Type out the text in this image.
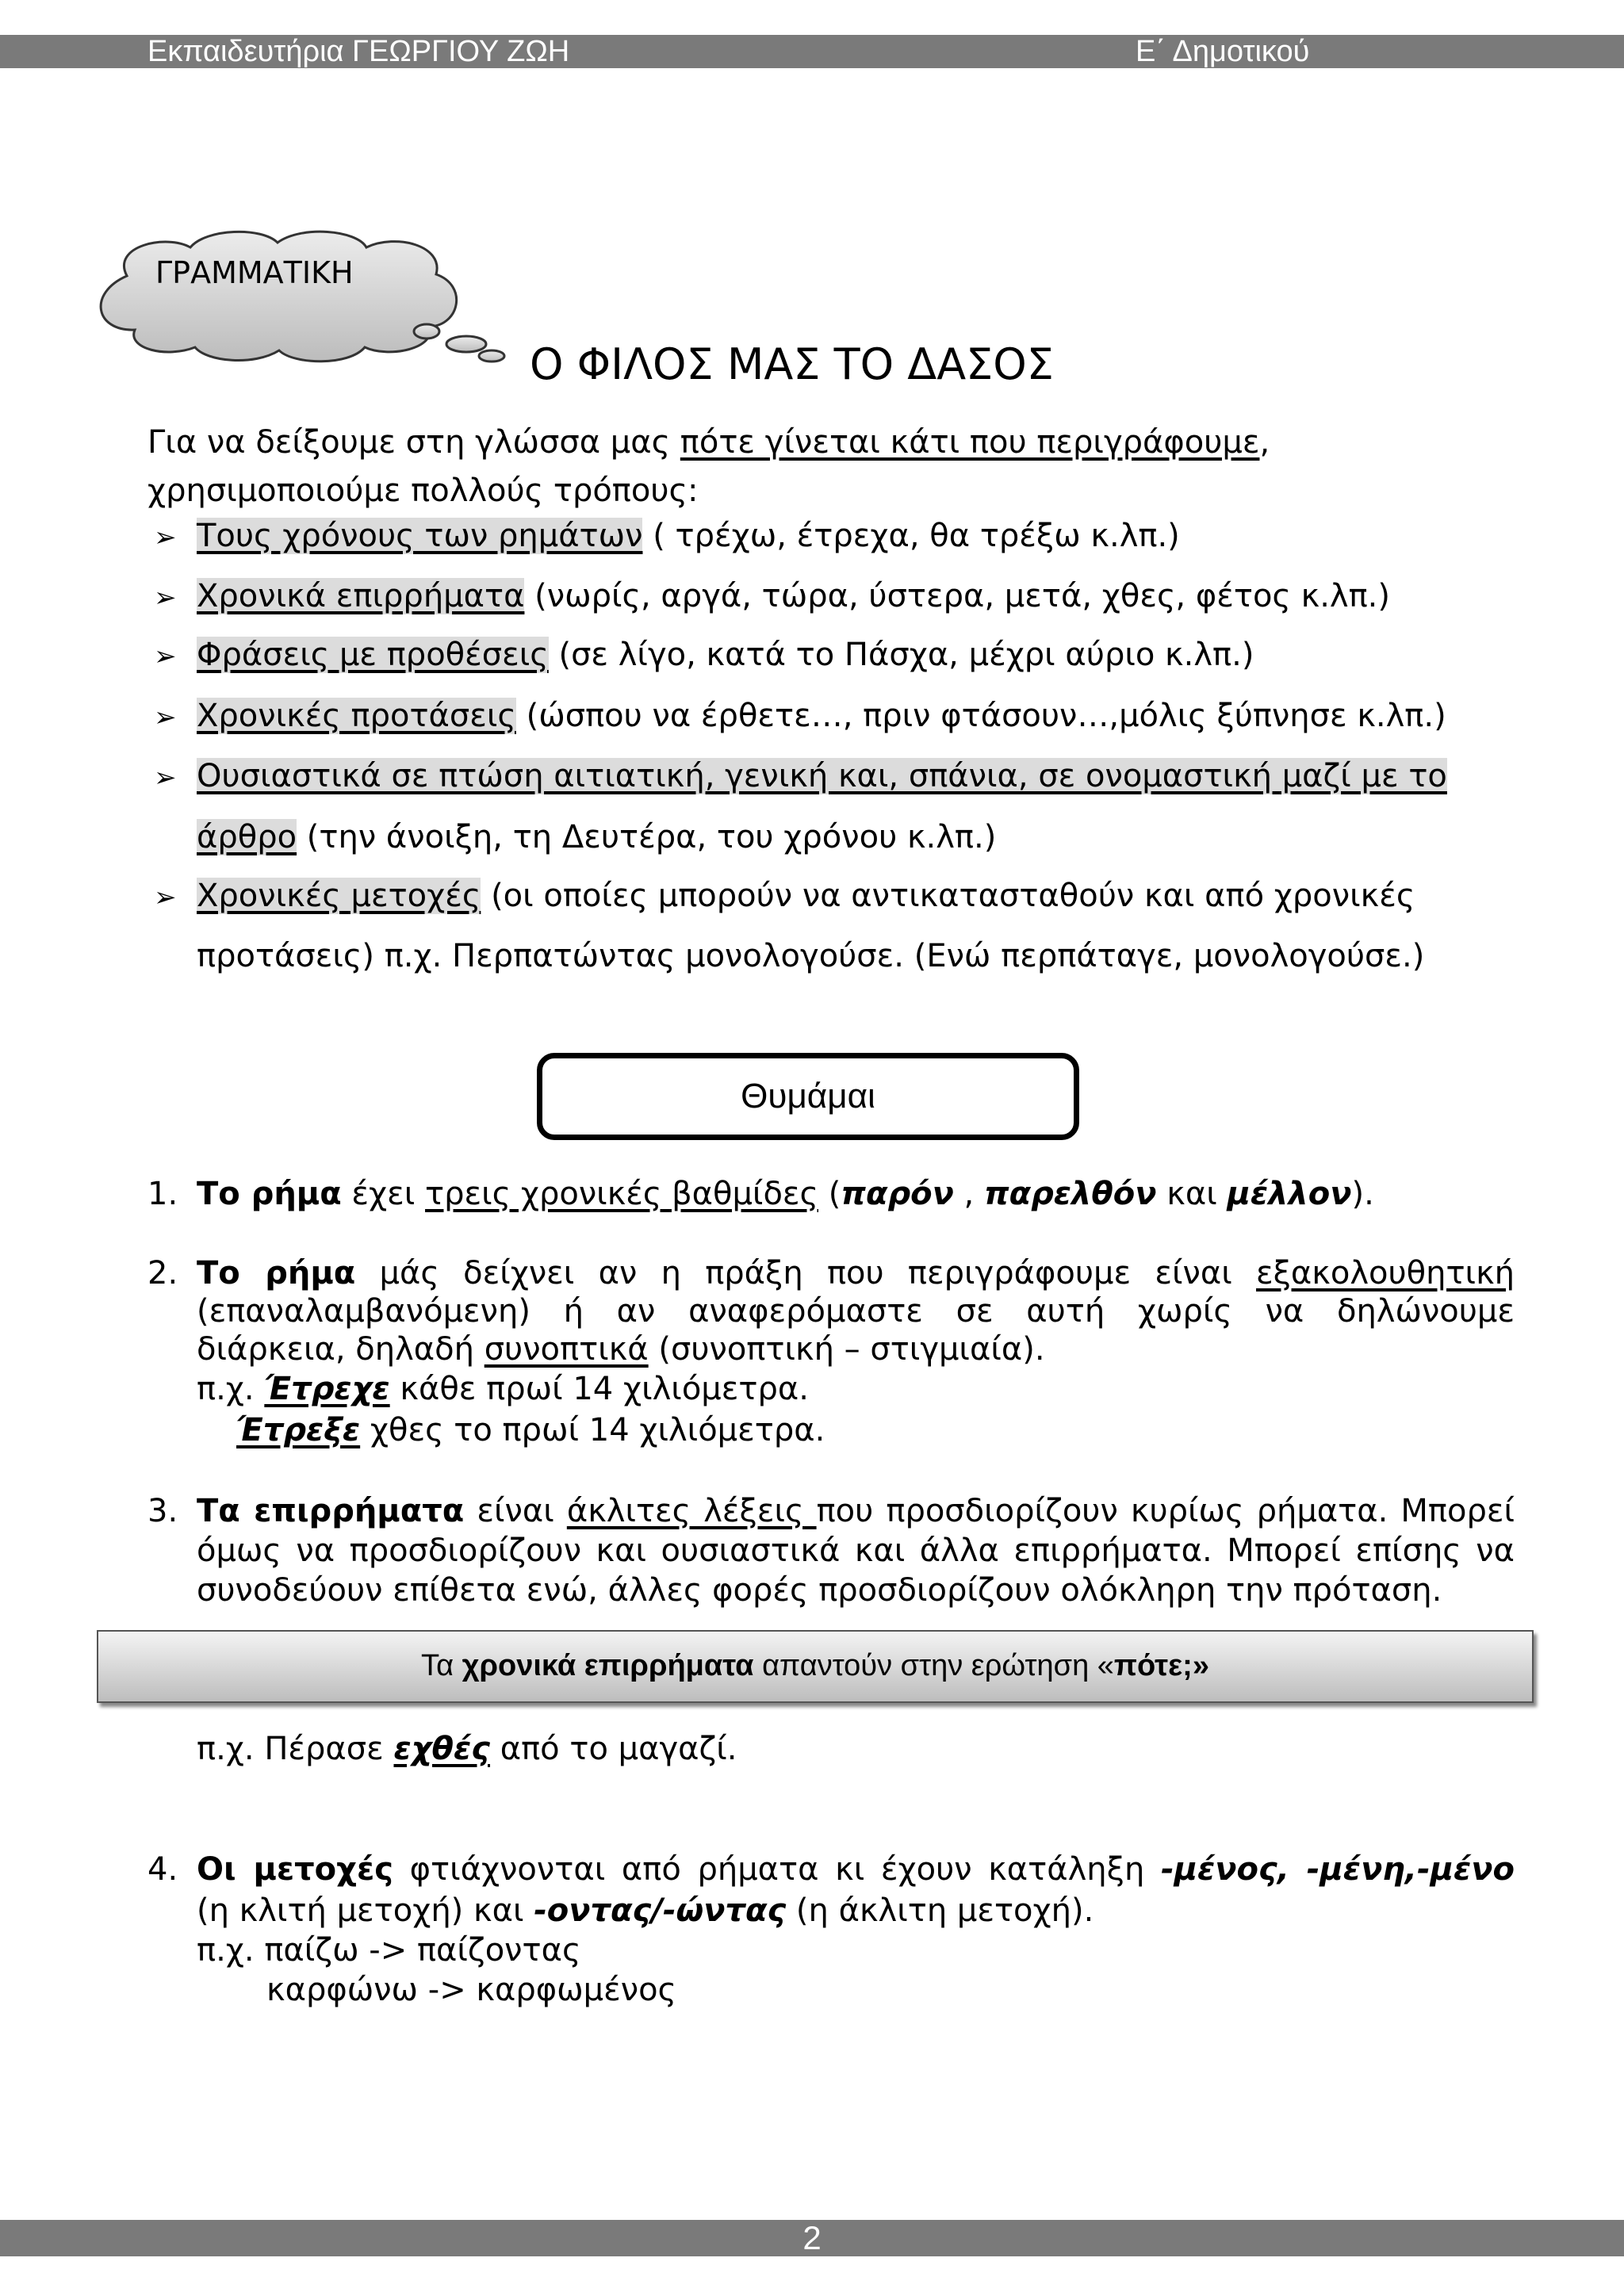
Εκπαιδευτήρια ΓΕΩΡΓΙΟΥ ΖΩΗ	Ε΄ Δημοτικού
ΓΡΑΜΜΑΤΙΚΗ
Ο ΦΙΛΟΣ ΜΑΣ ΤΟ ΔΑΣΟΣ
Για να δείξουμε στη γλώσσα μας πότε γίνεται κάτι που περιγράφουμε,
χρησιμοποιούμε πολλούς τρόπους:
➢ Τους χρόνους των ρημάτων ( τρέχω, έτρεχα, θα τρέξω κ.λπ.)
➢ Χρονικά επιρρήματα (νωρίς, αργά, τώρα, ύστερα, μετά, χθες, φέτος κ.λπ.)
➢ Φράσεις με προθέσεις (σε λίγο, κατά το Πάσχα, μέχρι αύριο κ.λπ.)
➢ Χρονικές προτάσεις (ώσπου να έρθετε…, πριν φτάσουν…,μόλις ξύπνησε κ.λπ.)
➢ Ουσιαστικά σε πτώση αιτιατική, γενική και, σπάνια, σε ονομαστική μαζί με το
άρθρο (την άνοιξη, τη Δευτέρα, του χρόνου κ.λπ.)
➢ Χρονικές μετοχές (οι οποίες μπορούν να αντικατασταθούν και από χρονικές
προτάσεις) π.χ. Περπατώντας μονολογούσε. (Ενώ περπάταγε, μονολογούσε.)
Θυμάμαι
1. Το ρήμα έχει τρεις χρονικές βαθμίδες (παρόν , παρελθόν και μέλλον).
2. Το ρήμα μάς δείχνει αν η πράξη που περιγράφουμε είναι εξακολουθητική
(επαναλαμβανόμενη) ή αν αναφερόμαστε σε αυτή χωρίς να δηλώνουμε
διάρκεια, δηλαδή συνοπτικά (συνοπτική – στιγμιαία).
π.χ. Έτρεχε κάθε πρωί 14 χιλιόμετρα.
Έτρεξε χθες το πρωί 14 χιλιόμετρα.
3. Τα επιρρήματα είναι άκλιτες λέξεις που προσδιορίζουν κυρίως ρήματα. Μπορεί
όμως να προσδιορίζουν και ουσιαστικά και άλλα επιρρήματα. Μπορεί επίσης να
συνοδεύουν επίθετα ενώ, άλλες φορές προσδιορίζουν ολόκληρη την πρόταση.
Τα χρονικά επιρρήματα απαντούν στην ερώτηση «πότε;»
π.χ. Πέρασε εχθές από το μαγαζί.
4. Οι μετοχές φτιάχνονται από ρήματα κι έχουν κατάληξη -μένος, -μένη,-μένο
(η κλιτή μετοχή) και -οντας/-ώντας (η άκλιτη μετοχή).
π.χ. παίζω -> παίζοντας
καρφώνω -> καρφωμένος
2
